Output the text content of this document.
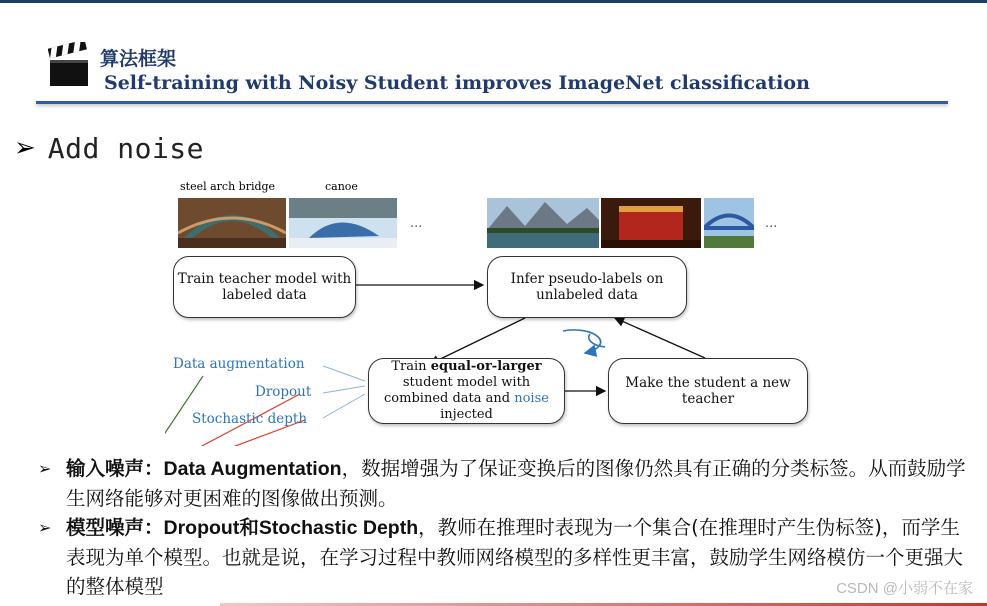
算法框架
Self-training with Noisy Student improves ImageNet classification
➢ Add noise
steel arch bridge	canoe
...	...
Train teacher model with labeled data
Infer pseudo-labels on unlabeled data
Train equal-or-larger student model with combined data and noise injected
Make the student a new teacher
Data augmentation
Dropout
Stochastic depth
➢ 输入噪声：Data Augmentation，数据增强为了保证变换后的图像仍然具有正确的分类标签。从而鼓励学生网络能够对更困难的图像做出预测。
➢ 模型噪声：Dropout和Stochastic Depth，教师在推理时表现为一个集合(在推理时产生伪标签)，而学生表现为单个模型。也就是说，在学习过程中教师网络模型的多样性更丰富，鼓励学生网络模仿一个更强大的整体模型	CSDN @小弱不在家
